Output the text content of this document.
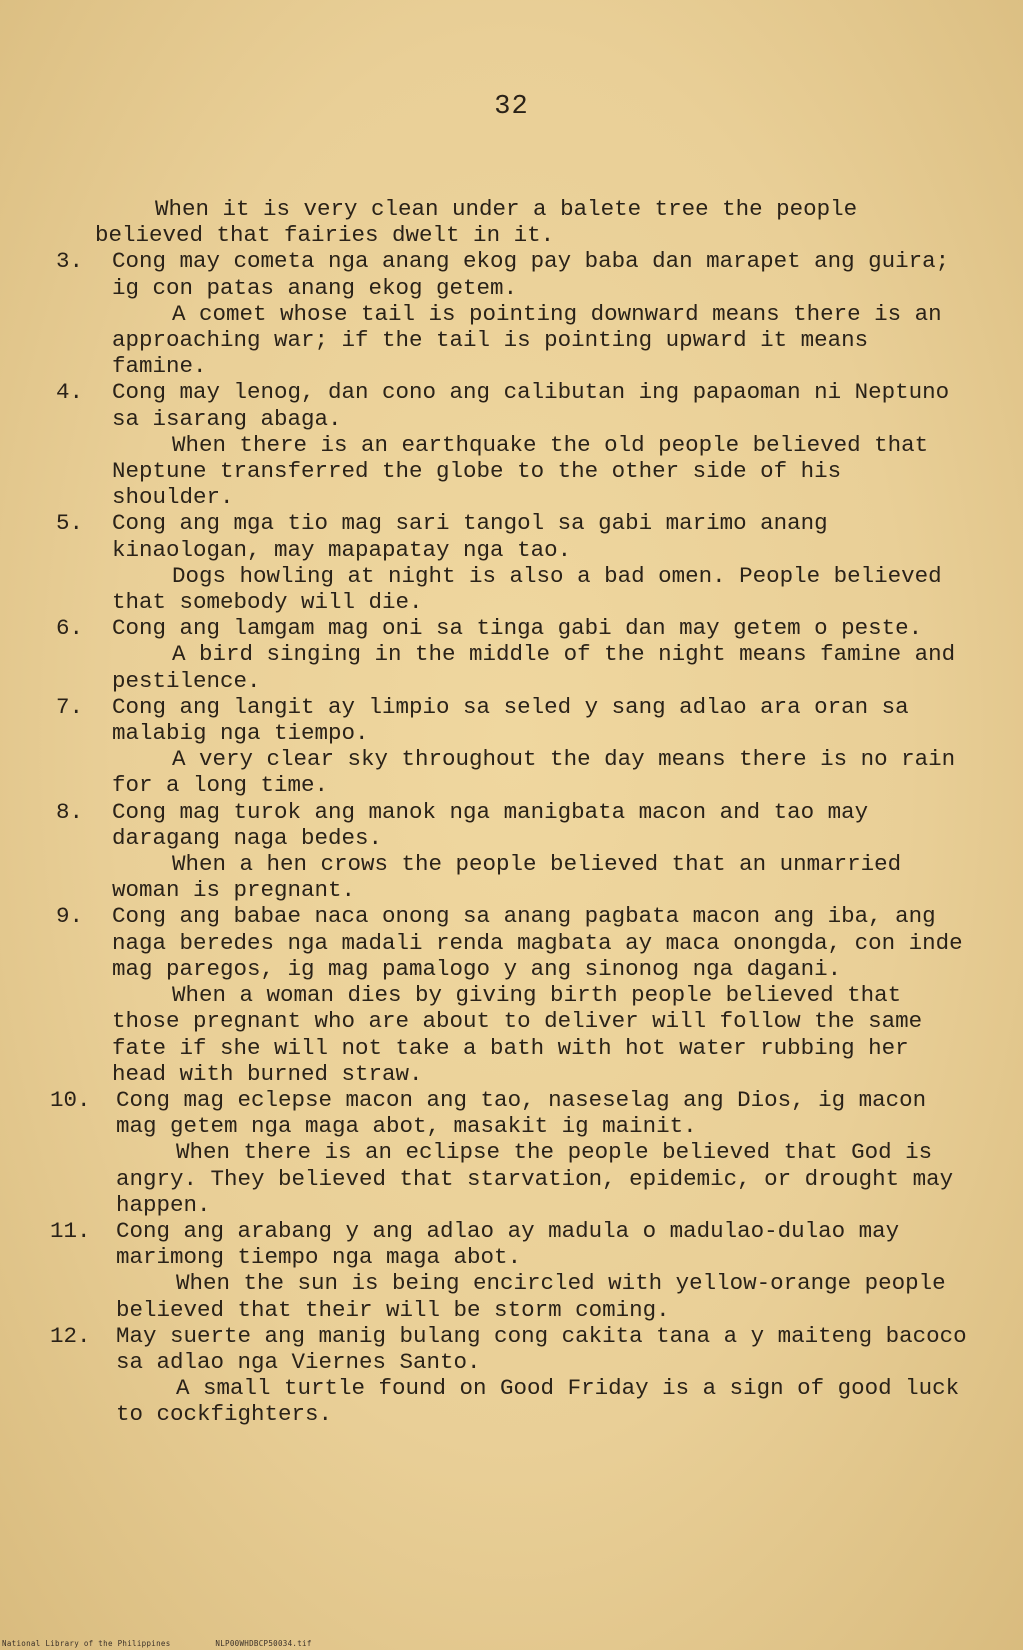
32

When it is very clean under a balete tree the people believed that fairies dwelt in it.

3. Cong may cometa nga anang ekog pay baba dan marapet ang guira; ig con patas anang ekog getem.

A comet whose tail is pointing downward means there is an approaching war; if the tail is pointing upward it means famine.

4. Cong may lenog, dan cono ang calibutan ing papaoman ni Neptuno sa isarang abaga.

When there is an earthquake the old people believed that Neptune transferred the globe to the other side of his shoulder.

5. Cong ang mga tio mag sari tangol sa gabi marimo anang kinaologan, may mapapatay nga tao.

Dogs howling at night is also a bad omen. People believed that somebody will die.

6. Cong ang lamgam mag oni sa tinga gabi dan may getem o peste.

A bird singing in the middle of the night means famine and pestilence.

7. Cong ang langit ay limpio sa seled y sang adlao ara oran sa malabig nga tiempo.

A very clear sky throughout the day means there is no rain for a long time.

8. Cong mag turok ang manok nga manigbata macon and tao may daragang naga bedes.

When a hen crows the people believed that an unmarried woman is pregnant.

9. Cong ang babae naca onong sa anang pagbata macon ang iba, ang naga beredes nga madali renda magbata ay maca onongda, con inde mag paregos, ig mag pamalogo y ang sinonog nga dagani.

When a woman dies by giving birth people believed that those pregnant who are about to deliver will follow the same fate if she will not take a bath with hot water rubbing her head with burned straw.

10. Cong mag eclepse macon ang tao, naseselag ang Dios, ig macon mag getem nga maga abot, masakit ig mainit.

When there is an eclipse the people believed that God is angry. They believed that starvation, epidemic, or drought may happen.

11. Cong ang arabang y ang adlao ay madula o madulao-dulao may marimong tiempo nga maga abot.

When the sun is being encircled with yellow-orange people believed that their will be storm coming.

12. May suerte ang manig bulang cong cakita tana a y maiteng bacoco sa adlao nga Viernes Santo.

A small turtle found on Good Friday is a sign of good luck to cockfighters.

National Library of the Philippines	NLP00WHDBCP50034.tif
